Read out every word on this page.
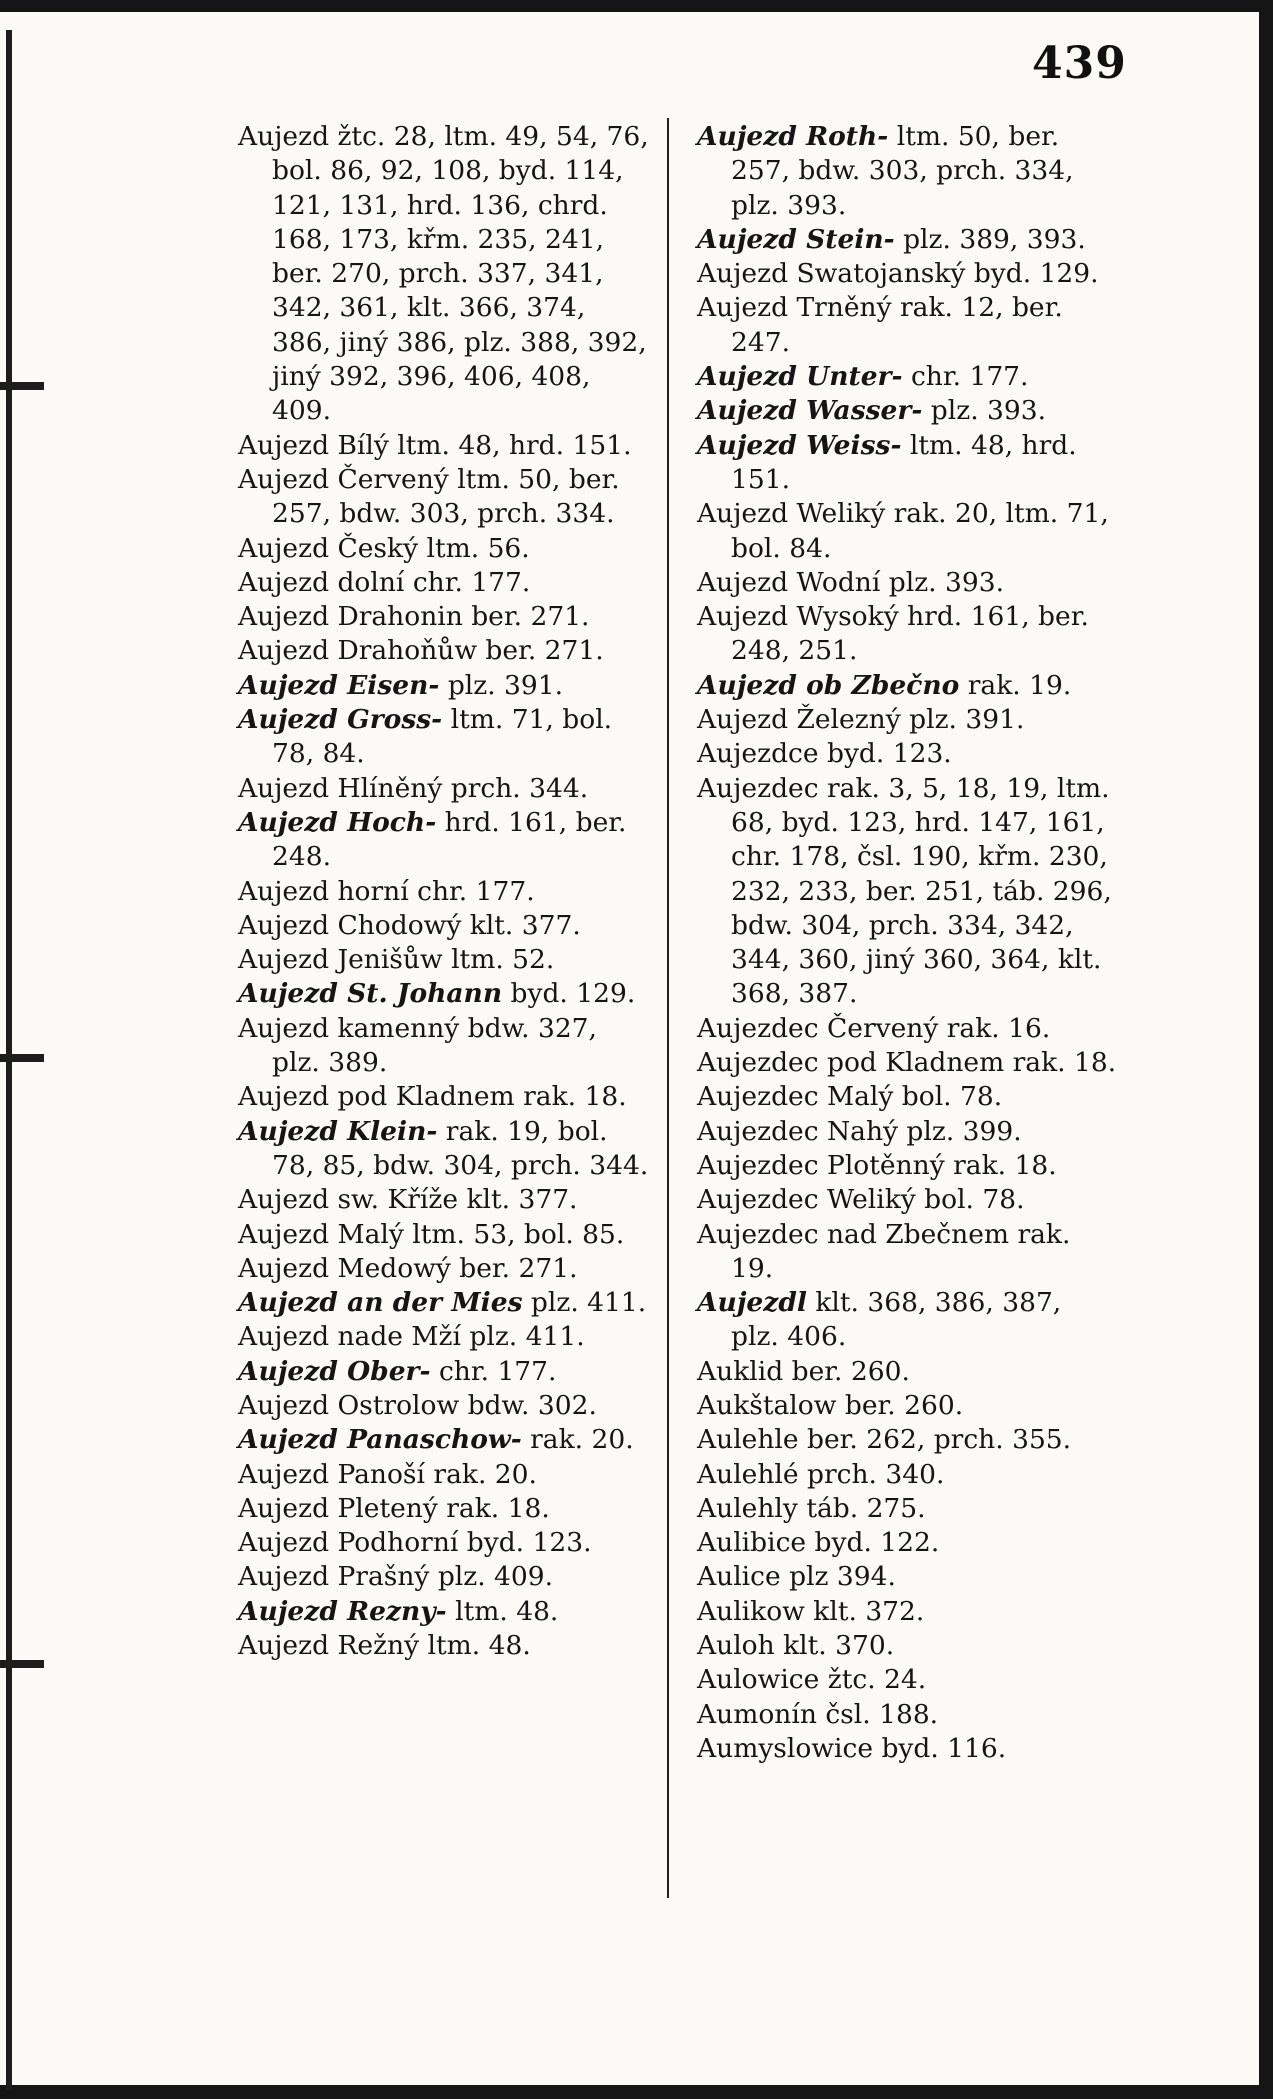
439
Aujezd žtc. 28, ltm. 49, 54, 76, bol. 86, 92, 108, byd. 114, 121, 131, hrd. 136, chrd. 168, 173, křm. 235, 241, ber. 270, prch. 337, 341, 342, 361, klt. 366, 374, 386, jiný 386, plz. 388, 392, jiný 392, 396, 406, 408, 409.
Aujezd Bílý ltm. 48, hrd. 151.
Aujezd Červený ltm. 50, ber. 257, bdw. 303, prch. 334.
Aujezd Český ltm. 56.
Aujezd dolní chr. 177.
Aujezd Drahonin ber. 271.
Aujezd Drahoňůw ber. 271.
Aujezd Eisen- plz. 391.
Aujezd Gross- ltm. 71, bol. 78, 84.
Aujezd Hlíněný prch. 344.
Aujezd Hoch- hrd. 161, ber. 248.
Aujezd horní chr. 177.
Aujezd Chodowý klt. 377.
Aujezd Jenišůw ltm. 52.
Aujezd St. Johann byd. 129.
Aujezd kamenný bdw. 327, plz. 389.
Aujezd pod Kladnem rak. 18.
Aujezd Klein- rak. 19, bol. 78, 85, bdw. 304, prch. 344.
Aujezd sw. Kříže klt. 377.
Aujezd Malý ltm. 53, bol. 85.
Aujezd Medowý ber. 271.
Aujezd an der Mies plz. 411.
Aujezd nade Mží plz. 411.
Aujezd Ober- chr. 177.
Aujezd Ostrolow bdw. 302.
Aujezd Panaschow- rak. 20.
Aujezd Panoší rak. 20.
Aujezd Pletený rak. 18.
Aujezd Podhorní byd. 123.
Aujezd Prašný plz. 409.
Aujezd Rezny- ltm. 48.
Aujezd Režný ltm. 48.
Aujezd Roth- ltm. 50, ber. 257, bdw. 303, prch. 334, plz. 393.
Aujezd Stein- plz. 389, 393.
Aujezd Swatojanský byd. 129.
Aujezd Trněný rak. 12, ber. 247.
Aujezd Unter- chr. 177.
Aujezd Wasser- plz. 393.
Aujezd Weiss- ltm. 48, hrd. 151.
Aujezd Weliký rak. 20, ltm. 71, bol. 84.
Aujezd Wodní plz. 393.
Aujezd Wysoký hrd. 161, ber. 248, 251.
Aujezd ob Zbečno rak. 19.
Aujezd Železný plz. 391.
Aujezdce byd. 123.
Aujezdec rak. 3, 5, 18, 19, ltm. 68, byd. 123, hrd. 147, 161, chr. 178, čsl. 190, křm. 230, 232, 233, ber. 251, táb. 296, bdw. 304, prch. 334, 342, 344, 360, jiný 360, 364, klt. 368, 387.
Aujezdec Červený rak. 16.
Aujezdec pod Kladnem rak. 18.
Aujezdec Malý bol. 78.
Aujezdec Nahý plz. 399.
Aujezdec Plotěnný rak. 18.
Aujezdec Weliký bol. 78.
Aujezdec nad Zbečnem rak. 19.
Aujezdl klt. 368, 386, 387, plz. 406.
Auklid ber. 260.
Aukštalow ber. 260.
Aulehle ber. 262, prch. 355.
Aulehlé prch. 340.
Aulehly táb. 275.
Aulibice byd. 122.
Aulice plz 394.
Aulikow klt. 372.
Auloh klt. 370.
Aulowice žtc. 24.
Aumonín čsl. 188.
Aumyslowice byd. 116.
